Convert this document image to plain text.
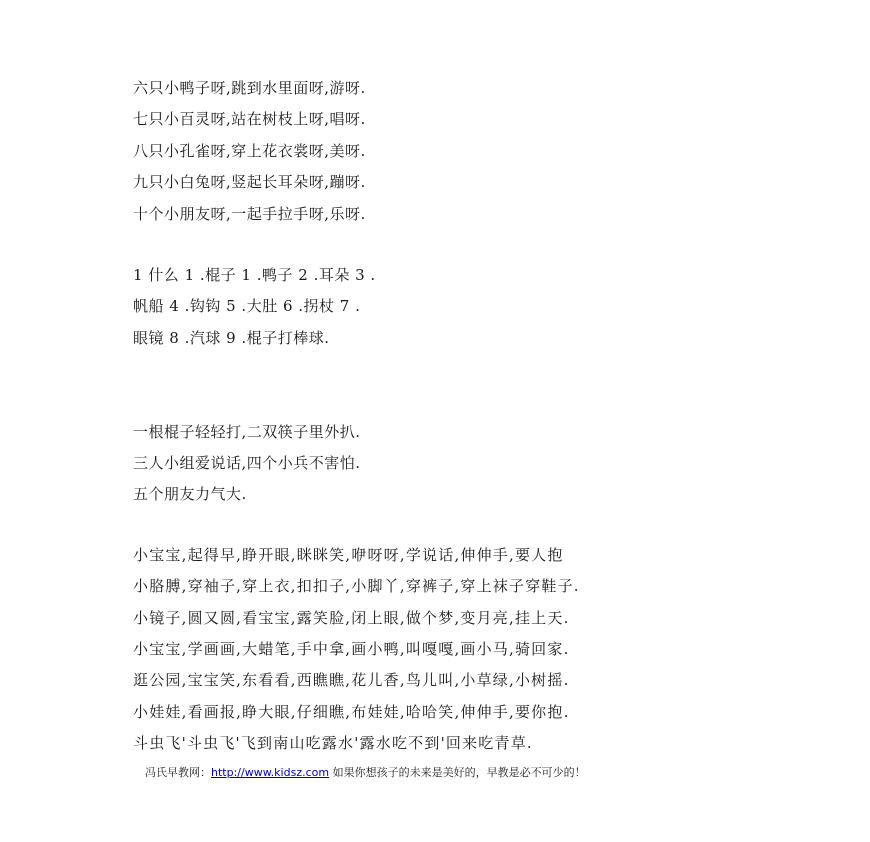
六只小鸭子呀,跳到水里面呀,游呀.
七只小百灵呀,站在树枝上呀,唱呀.
八只小孔雀呀,穿上花衣裳呀,美呀.
九只小白兔呀,竖起长耳朵呀,蹦呀.
十个小朋友呀,一起手拉手呀,乐呀.
1 什么 1 .棍子 1 .鸭子 2 .耳朵 3 .
帆船 4 .钩钩 5 .大肚 6 .拐杖 7 .
眼镜 8 .汽球 9 .棍子打棒球.
一根棍子轻轻打,二双筷子里外扒.
三人小组爱说话,四个小兵不害怕.
五个朋友力气大.
小宝宝,起得早,睁开眼,眯眯笑,咿呀呀,学说话,伸伸手,要人抱
小胳膊,穿袖子,穿上衣,扣扣子,小脚丫,穿裤子,穿上袜子穿鞋子.
小镜子,圆又圆,看宝宝,露笑脸,闭上眼,做个梦,变月亮,挂上天.
小宝宝,学画画,大蜡笔,手中拿,画小鸭,叫嘎嘎,画小马,骑回家.
逛公园,宝宝笑,东看看,西瞧瞧,花儿香,鸟儿叫,小草绿,小树摇.
小娃娃,看画报,睁大眼,仔细瞧,布娃娃,哈哈笑,伸伸手,要你抱.
斗虫飞'斗虫飞'飞到南山吃露水'露水吃不到'回来吃青草.
冯氏早教网：http://www.kidsz.com 如果你想孩子的未来是美好的，早教是必不可少的！
